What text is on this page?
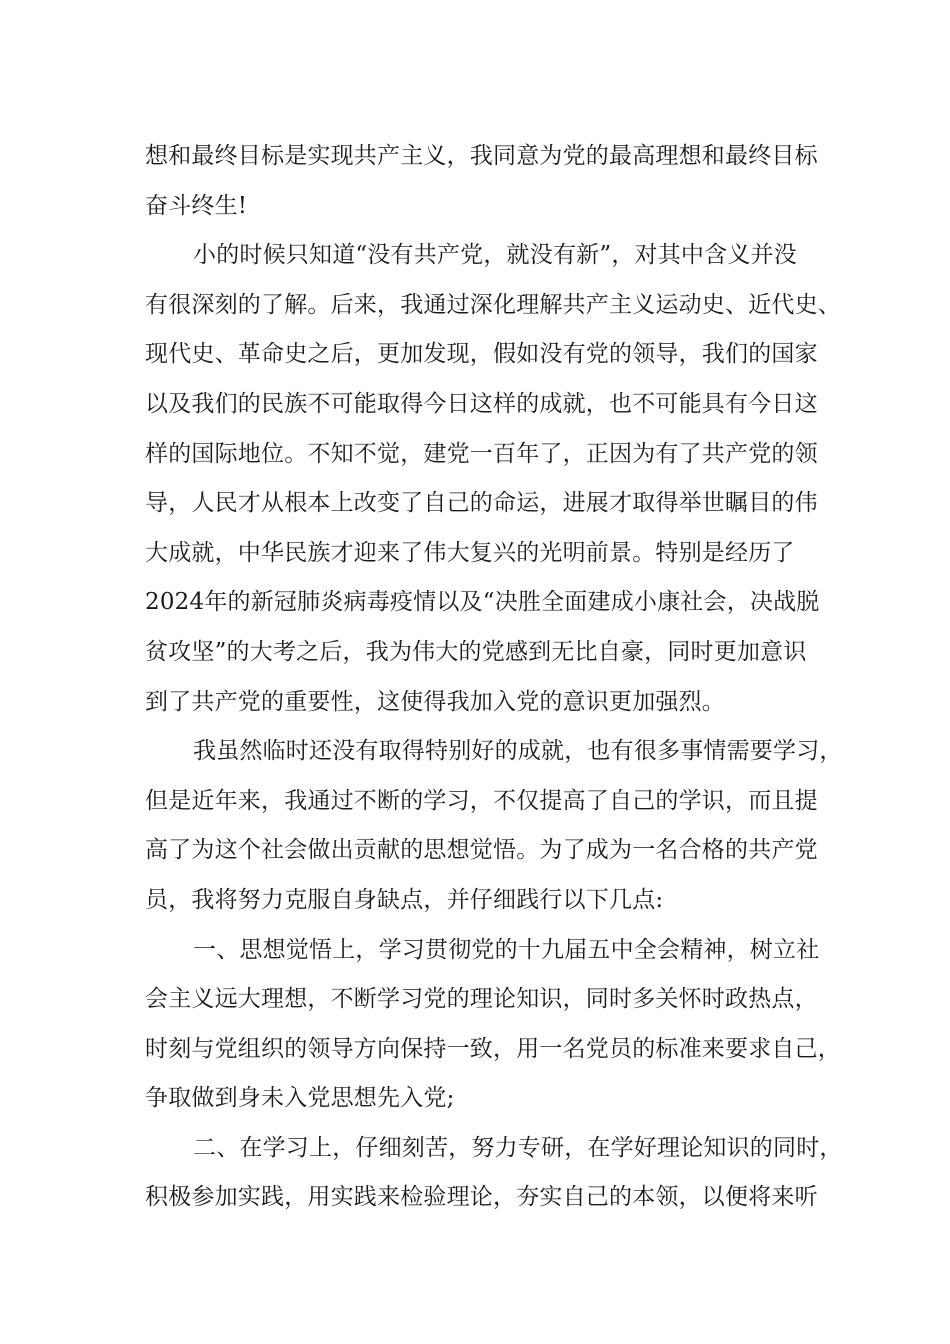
想和最终目标是实现共产主义，我同意为党的最高理想和最终目标
奋斗终生!
小的时候只知道“没有共产党，就没有新”，对其中含义并没
有很深刻的了解。后来，我通过深化理解共产主义运动史、近代史、
现代史、革命史之后，更加发现，假如没有党的领导，我们的国家
以及我们的民族不可能取得今日这样的成就，也不可能具有今日这
样的国际地位。不知不觉，建党一百年了，正因为有了共产党的领
导，人民才从根本上改变了自己的命运，进展才取得举世瞩目的伟
大成就，中华民族才迎来了伟大复兴的光明前景。特别是经历了
2024年的新冠肺炎病毒疫情以及“决胜全面建成小康社会，决战脱
贫攻坚”的大考之后，我为伟大的党感到无比自豪，同时更加意识
到了共产党的重要性，这使得我加入党的意识更加强烈。
我虽然临时还没有取得特别好的成就，也有很多事情需要学习，
但是近年来，我通过不断的学习，不仅提高了自己的学识，而且提
高了为这个社会做出贡献的思想觉悟。为了成为一名合格的共产党
员，我将努力克服自身缺点，并仔细践行以下几点:
一、思想觉悟上，学习贯彻党的十九届五中全会精神，树立社
会主义远大理想，不断学习党的理论知识，同时多关怀时政热点，
时刻与党组织的领导方向保持一致，用一名党员的标准来要求自己，
争取做到身未入党思想先入党;
二、在学习上，仔细刻苦，努力专研，在学好理论知识的同时，
积极参加实践，用实践来检验理论，夯实自己的本领，以便将来听
